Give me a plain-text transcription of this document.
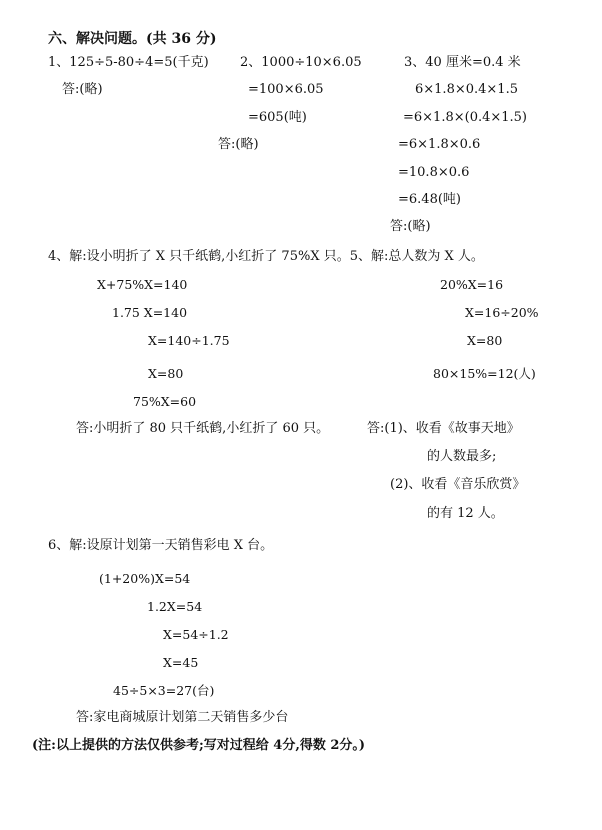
六、解决问题。(共 36 分)
1、125÷5-80÷4=5(千克)
答:(略)
2、1000÷10×6.05
=100×6.05
=605(吨)
答:(略)
3、40 厘米=0.4 米
6×1.8×0.4×1.5
=6×1.8×(0.4×1.5)
=6×1.8×0.6
=10.8×0.6
=6.48(吨)
答:(略)
4、解:设小明折了 X 只千纸鹤,小红折了 75%X 只。5、解:总人数为 X 人。
X+75%X=140
1.75 X=140
X=140÷1.75
X=80
75%X=60
20%X=16
X=16÷20%
X=80
80×15%=12(人)
答:小明折了 80 只千纸鹤,小红折了 60 只。	答:(1)、收看《故事天地》
的人数最多;
(2)、收看《音乐欣赏》
的有 12 人。
6、解:设原计划第一天销售彩电 X 台。
(1+20%)X=54
1.2X=54
X=54÷1.2
X=45
45÷5×3=27(台)
答:家电商城原计划第二天销售多少台
(注:以上提供的方法仅供参考;写对过程给 4分,得数 2分。)
